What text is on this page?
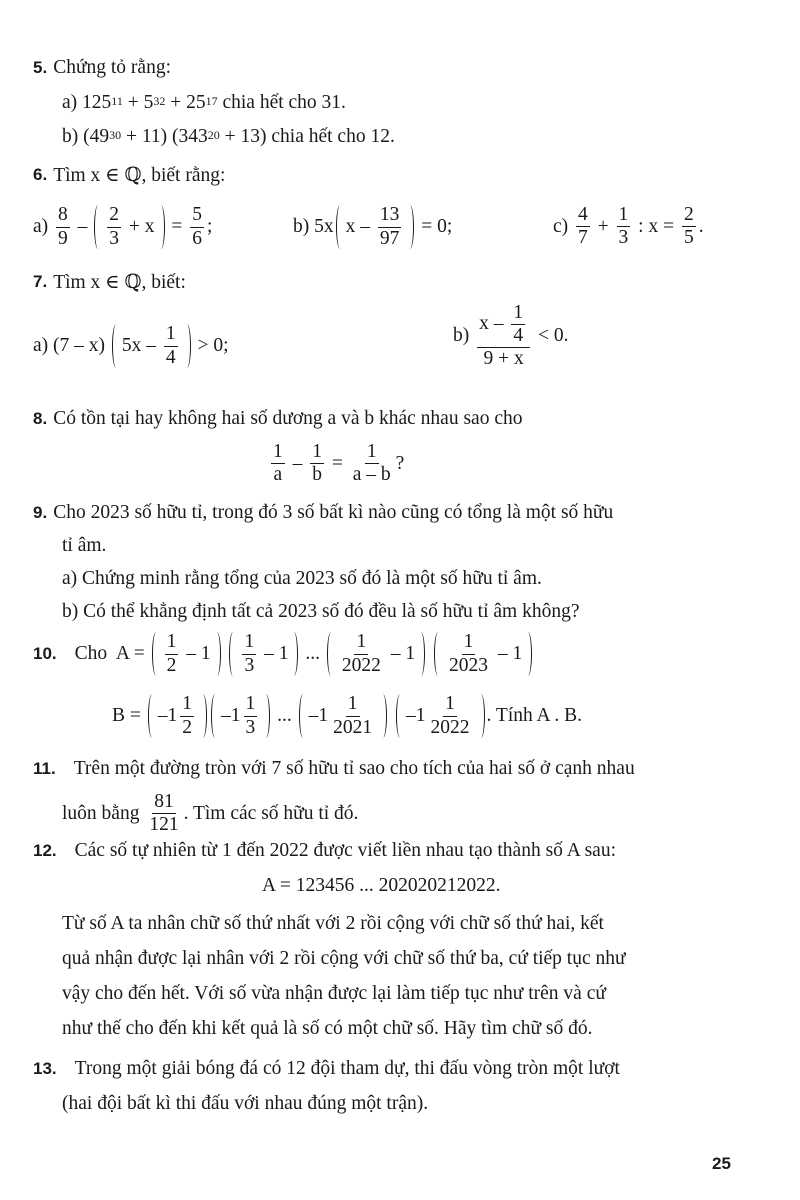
5. Chứng tỏ rằng:
a) $125^{11} + 5^{32} + 25^{17}$ chia hết cho 31.
b) $(49^{30} + 11) (343^{20} + 13)$ chia hết cho 12.
6. Tìm x ∈ ℚ, biết rằng:
$a) \frac{8}{9} - \frac{2}{3} + x = \frac{5}{6}$ ;	b) 5x $x - \frac{13}{97} = 0$;	$c) \frac{4}{7} + \frac{1}{3}$ : $x = \frac{2}{5}$ .
7. Tìm x ∈ ℚ, biết:
a) (7 – x) $5x - \frac{1}{4} > 0$;	$b) \frac{x - \frac{1}{4}}{9 + x} < 0$.
8. Có tồn tại hay không hai số dương a và b khác nhau sao cho
$\frac{1}{a} - \frac{1}{b} = \frac{1}{a - b}$ ?
9. Cho 2023 số hữu tỉ, trong đó 3 số bất kì nào cũng có tổng là một số hữu
tỉ âm.
a) Chứng minh rằng tổng của 2023 số đó là một số hữu tỉ âm.
b) Có thể khẳng định tất cả 2023 số đó đều là số hữu tỉ âm không?
10. Cho  $A = \frac{1}{2} - 1$
$\frac{1}{3} - 1$ ... $\frac{1}{2022} - 1$
$\frac{1}{2023} - 1$
$B = -1 \frac{1}{2} -1 \frac{1}{3}$ ... $-1 \frac{1}{2021}$
$-1 \frac{1}{2022}$ . Tính A . B.
11. Trên một đường tròn với 7 số hữu tỉ sao cho tích của hai số ở cạnh nhau
luôn bằng $\frac{81}{121}$ . Tìm các số hữu tỉ đó.
12. Các số tự nhiên từ 1 đến 2022 được viết liền nhau tạo thành số A sau:
A = 123456 ... 202020212022.
Từ số A ta nhân chữ số thứ nhất với 2 rồi cộng với chữ số thứ hai, kết
quả nhận được lại nhân với 2 rồi cộng với chữ số thứ ba, cứ tiếp tục như
vậy cho đến hết. Với số vừa nhận được lại làm tiếp tục như trên và cứ
như thế cho đến khi kết quả là số có một chữ số. Hãy tìm chữ số đó.
13. Trong một giải bóng đá có 12 đội tham dự, thi đấu vòng tròn một lượt
(hai đội bất kì thi đấu với nhau đúng một trận).
25
